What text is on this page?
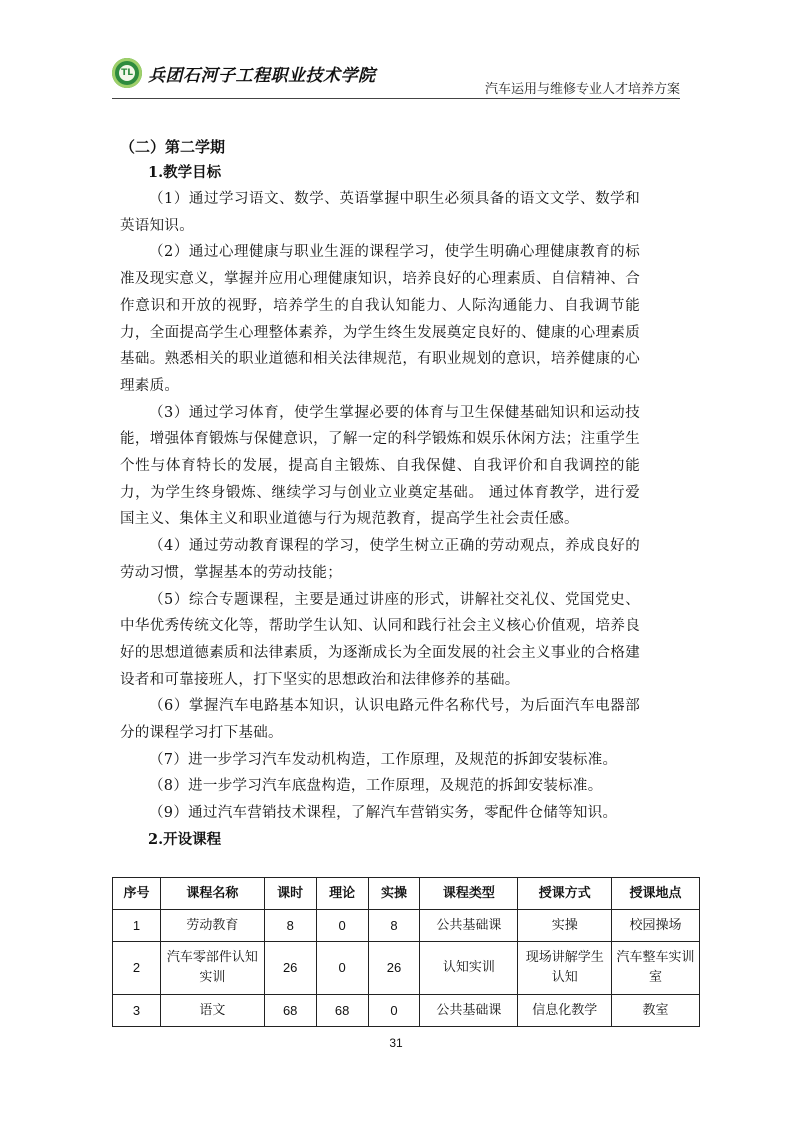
TL 兵团石河子工程职业技术学院
汽车运用与维修专业人才培养方案

（二）第二学期

1.教学目标

（1）通过学习语文、数学、英语掌握中职生必须具备的语文文学、数学和英语知识。

（2）通过心理健康与职业生涯的课程学习，使学生明确心理健康教育的标准及现实意义，掌握并应用心理健康知识，培养良好的心理素质、自信精神、合作意识和开放的视野，培养学生的自我认知能力、人际沟通能力、自我调节能力，全面提高学生心理整体素养，为学生终生发展奠定良好的、健康的心理素质基础。熟悉相关的职业道德和相关法律规范，有职业规划的意识，培养健康的心理素质。

（3）通过学习体育，使学生掌握必要的体育与卫生保健基础知识和运动技能，增强体育锻炼与保健意识，了解一定的科学锻炼和娱乐休闲方法；注重学生个性与体育特长的发展，提高自主锻炼、自我保健、自我评价和自我调控的能力，为学生终身锻炼、继续学习与创业立业奠定基础。 通过体育教学，进行爱国主义、集体主义和职业道德与行为规范教育，提高学生社会责任感。

（4）通过劳动教育课程的学习，使学生树立正确的劳动观点，养成良好的劳动习惯，掌握基本的劳动技能；

（5）综合专题课程，主要是通过讲座的形式，讲解社交礼仪、党国党史、中华优秀传统文化等，帮助学生认知、认同和践行社会主义核心价值观，培养良好的思想道德素质和法律素质，为逐渐成长为全面发展的社会主义事业的合格建设者和可靠接班人，打下坚实的思想政治和法律修养的基础。

（6）掌握汽车电路基本知识，认识电路元件名称代号，为后面汽车电器部分的课程学习打下基础。

（7）进一步学习汽车发动机构造，工作原理，及规范的拆卸安装标准。

（8）进一步学习汽车底盘构造，工作原理，及规范的拆卸安装标准。

（9）通过汽车营销技术课程，了解汽车营销实务，零配件仓储等知识。

2.开设课程

序号	课程名称	课时	理论	实操	课程类型	授课方式	授课地点
1	劳动教育	8	0	8	公共基础课	实操	校园操场
2	汽车零部件认知实训	26	0	26	认知实训	现场讲解学生认知	汽车整车实训室
3	语文	68	68	0	公共基础课	信息化教学	教室
31
